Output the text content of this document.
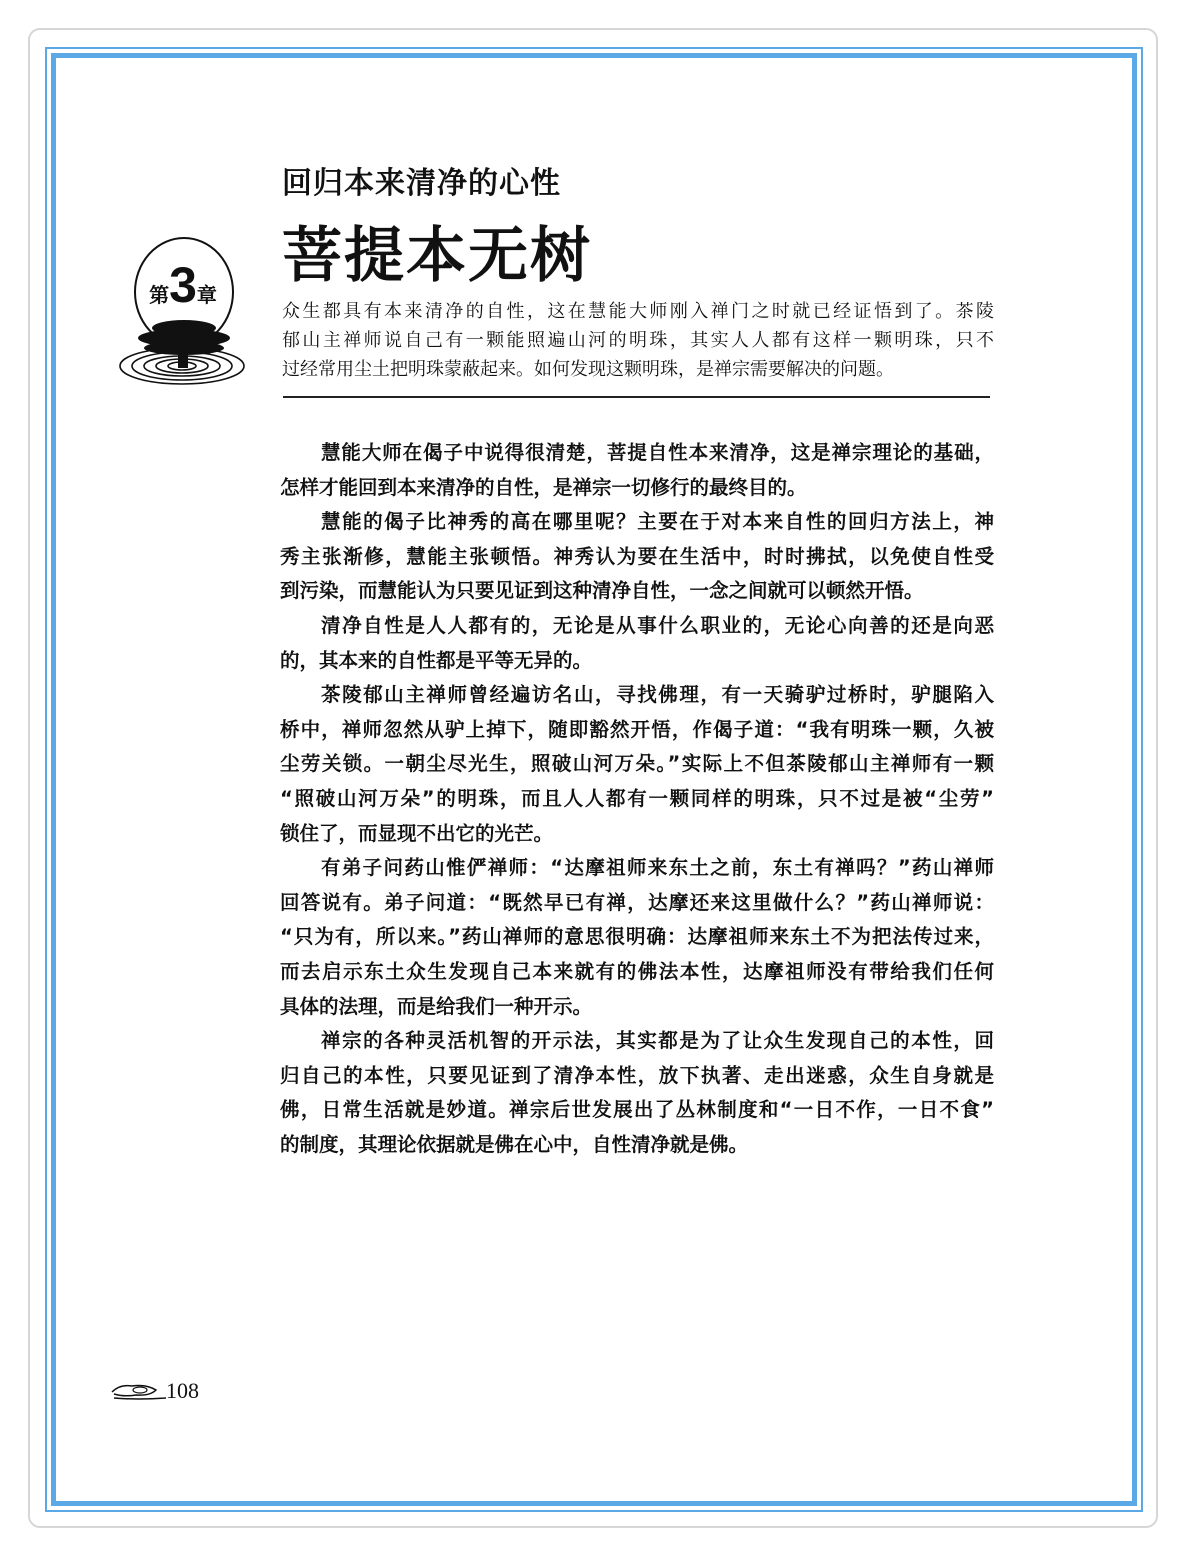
回归本来清净的心性
菩提本无树
第3章
众生都具有本来清净的自性，这在慧能大师刚入禅门之时就已经证悟到了。茶陵
郁山主禅师说自己有一颗能照遍山河的明珠，其实人人都有这样一颗明珠，只不
过经常用尘土把明珠蒙蔽起来。如何发现这颗明珠，是禅宗需要解决的问题。
慧能大师在偈子中说得很清楚，菩提自性本来清净，这是禅宗理论的基础，
怎样才能回到本来清净的自性，是禅宗一切修行的最终目的。
慧能的偈子比神秀的高在哪里呢？主要在于对本来自性的回归方法上，神
秀主张渐修，慧能主张顿悟。神秀认为要在生活中，时时拂拭，以免使自性受
到污染，而慧能认为只要见证到这种清净自性，一念之间就可以顿然开悟。
清净自性是人人都有的，无论是从事什么职业的，无论心向善的还是向恶
的，其本来的自性都是平等无异的。
茶陵郁山主禅师曾经遍访名山，寻找佛理，有一天骑驴过桥时，驴腿陷入
桥中，禅师忽然从驴上掉下，随即豁然开悟，作偈子道：“我有明珠一颗，久被
尘劳关锁。一朝尘尽光生，照破山河万朵。”实际上不但茶陵郁山主禅师有一颗
“照破山河万朵”的明珠，而且人人都有一颗同样的明珠，只不过是被“尘劳”
锁住了，而显现不出它的光芒。
有弟子问药山惟俨禅师：“达摩祖师来东土之前，东土有禅吗？”药山禅师
回答说有。弟子问道：“既然早已有禅，达摩还来这里做什么？”药山禅师说：
“只为有，所以来。”药山禅师的意思很明确：达摩祖师来东土不为把法传过来，
而去启示东土众生发现自己本来就有的佛法本性，达摩祖师没有带给我们任何
具体的法理，而是给我们一种开示。
禅宗的各种灵活机智的开示法，其实都是为了让众生发现自己的本性，回
归自己的本性，只要见证到了清净本性，放下执著、走出迷惑，众生自身就是
佛，日常生活就是妙道。禅宗后世发展出了丛林制度和“一日不作，一日不食”
的制度，其理论依据就是佛在心中，自性清净就是佛。
108
